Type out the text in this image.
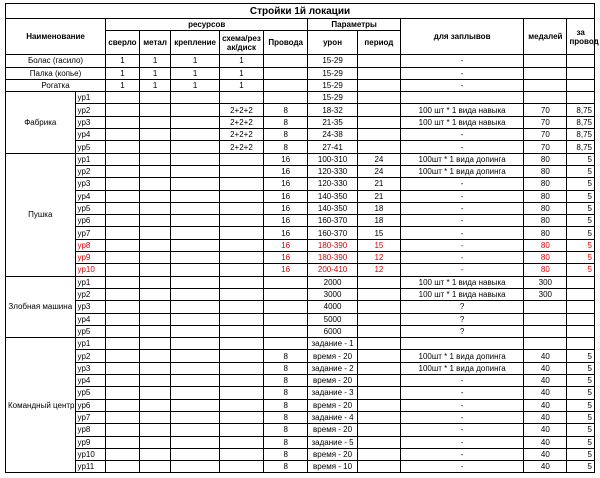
Стройки 1й локации											
Наименование		ресурсов					Параметры		для заплывов	медалей	за провод
		сверло	метал	крепление	схема/рез ак/диск	Провода	урон	период			
Болас (гасило)		1	1	1	1		15-29		-		
Палка (копье)		1	1	1	1		15-29		-		
Рогатка		1	1	1	1		15-29		-		
Фабрика	ур1						15-29				
	ур2				2+2+2	8	18-32		100 шт * 1 вида навыка	70	8,75
	ур3				2+2+2	8	21-35		100 шт * 1 вида навыка	70	8,75
	ур4				2+2+2	8	24-38		-	70	8,75
	ур5				2+2+2	8	27-41		-	70	8,75
Пушка	ур1					16	100-310	24	100шт * 1 вида допинга	80	5
	ур2					16	120-330	24	100шт * 1 вида допинга	80	5
	ур3					16	120-330	21	-	80	5
	ур4					16	140-350	21	-	80	5
	ур5					16	140-350	18	-	80	5
	ур6					16	160-370	18	-	80	5
	ур7					16	160-370	15	-	80	5
	ур8					16	180-390	15	-	80	5
	ур9					16	180-390	12	-	80	5
	ур10					16	200-410	12	-	80	5
Злобная машина	ур1						2000		100 шт * 1 вида навыка	300	
	ур2						3000		100 шт * 1 вида навыка	300	
	ур3						4000		?		
	ур4						5000		?		
	ур5						6000		?		
Командный центр	ур1						задание - 1				
	ур2					8	время - 20		100шт * 1 вида допинга	40	5
	ур3					8	задание - 2		100шт * 1 вида допинга	40	5
	ур4					8	время - 20		-	40	5
	ур5					8	задание - 3		-	40	5
	ур6					8	время - 20		-	40	5
	ур7					8	задание - 4		-	40	5
	ур8					8	время - 20		-	40	5
	ур9					8	задание - 5		-	40	5
	ур10					8	время - 20		-	40	5
	ур11					8	время - 10		-	40	5
